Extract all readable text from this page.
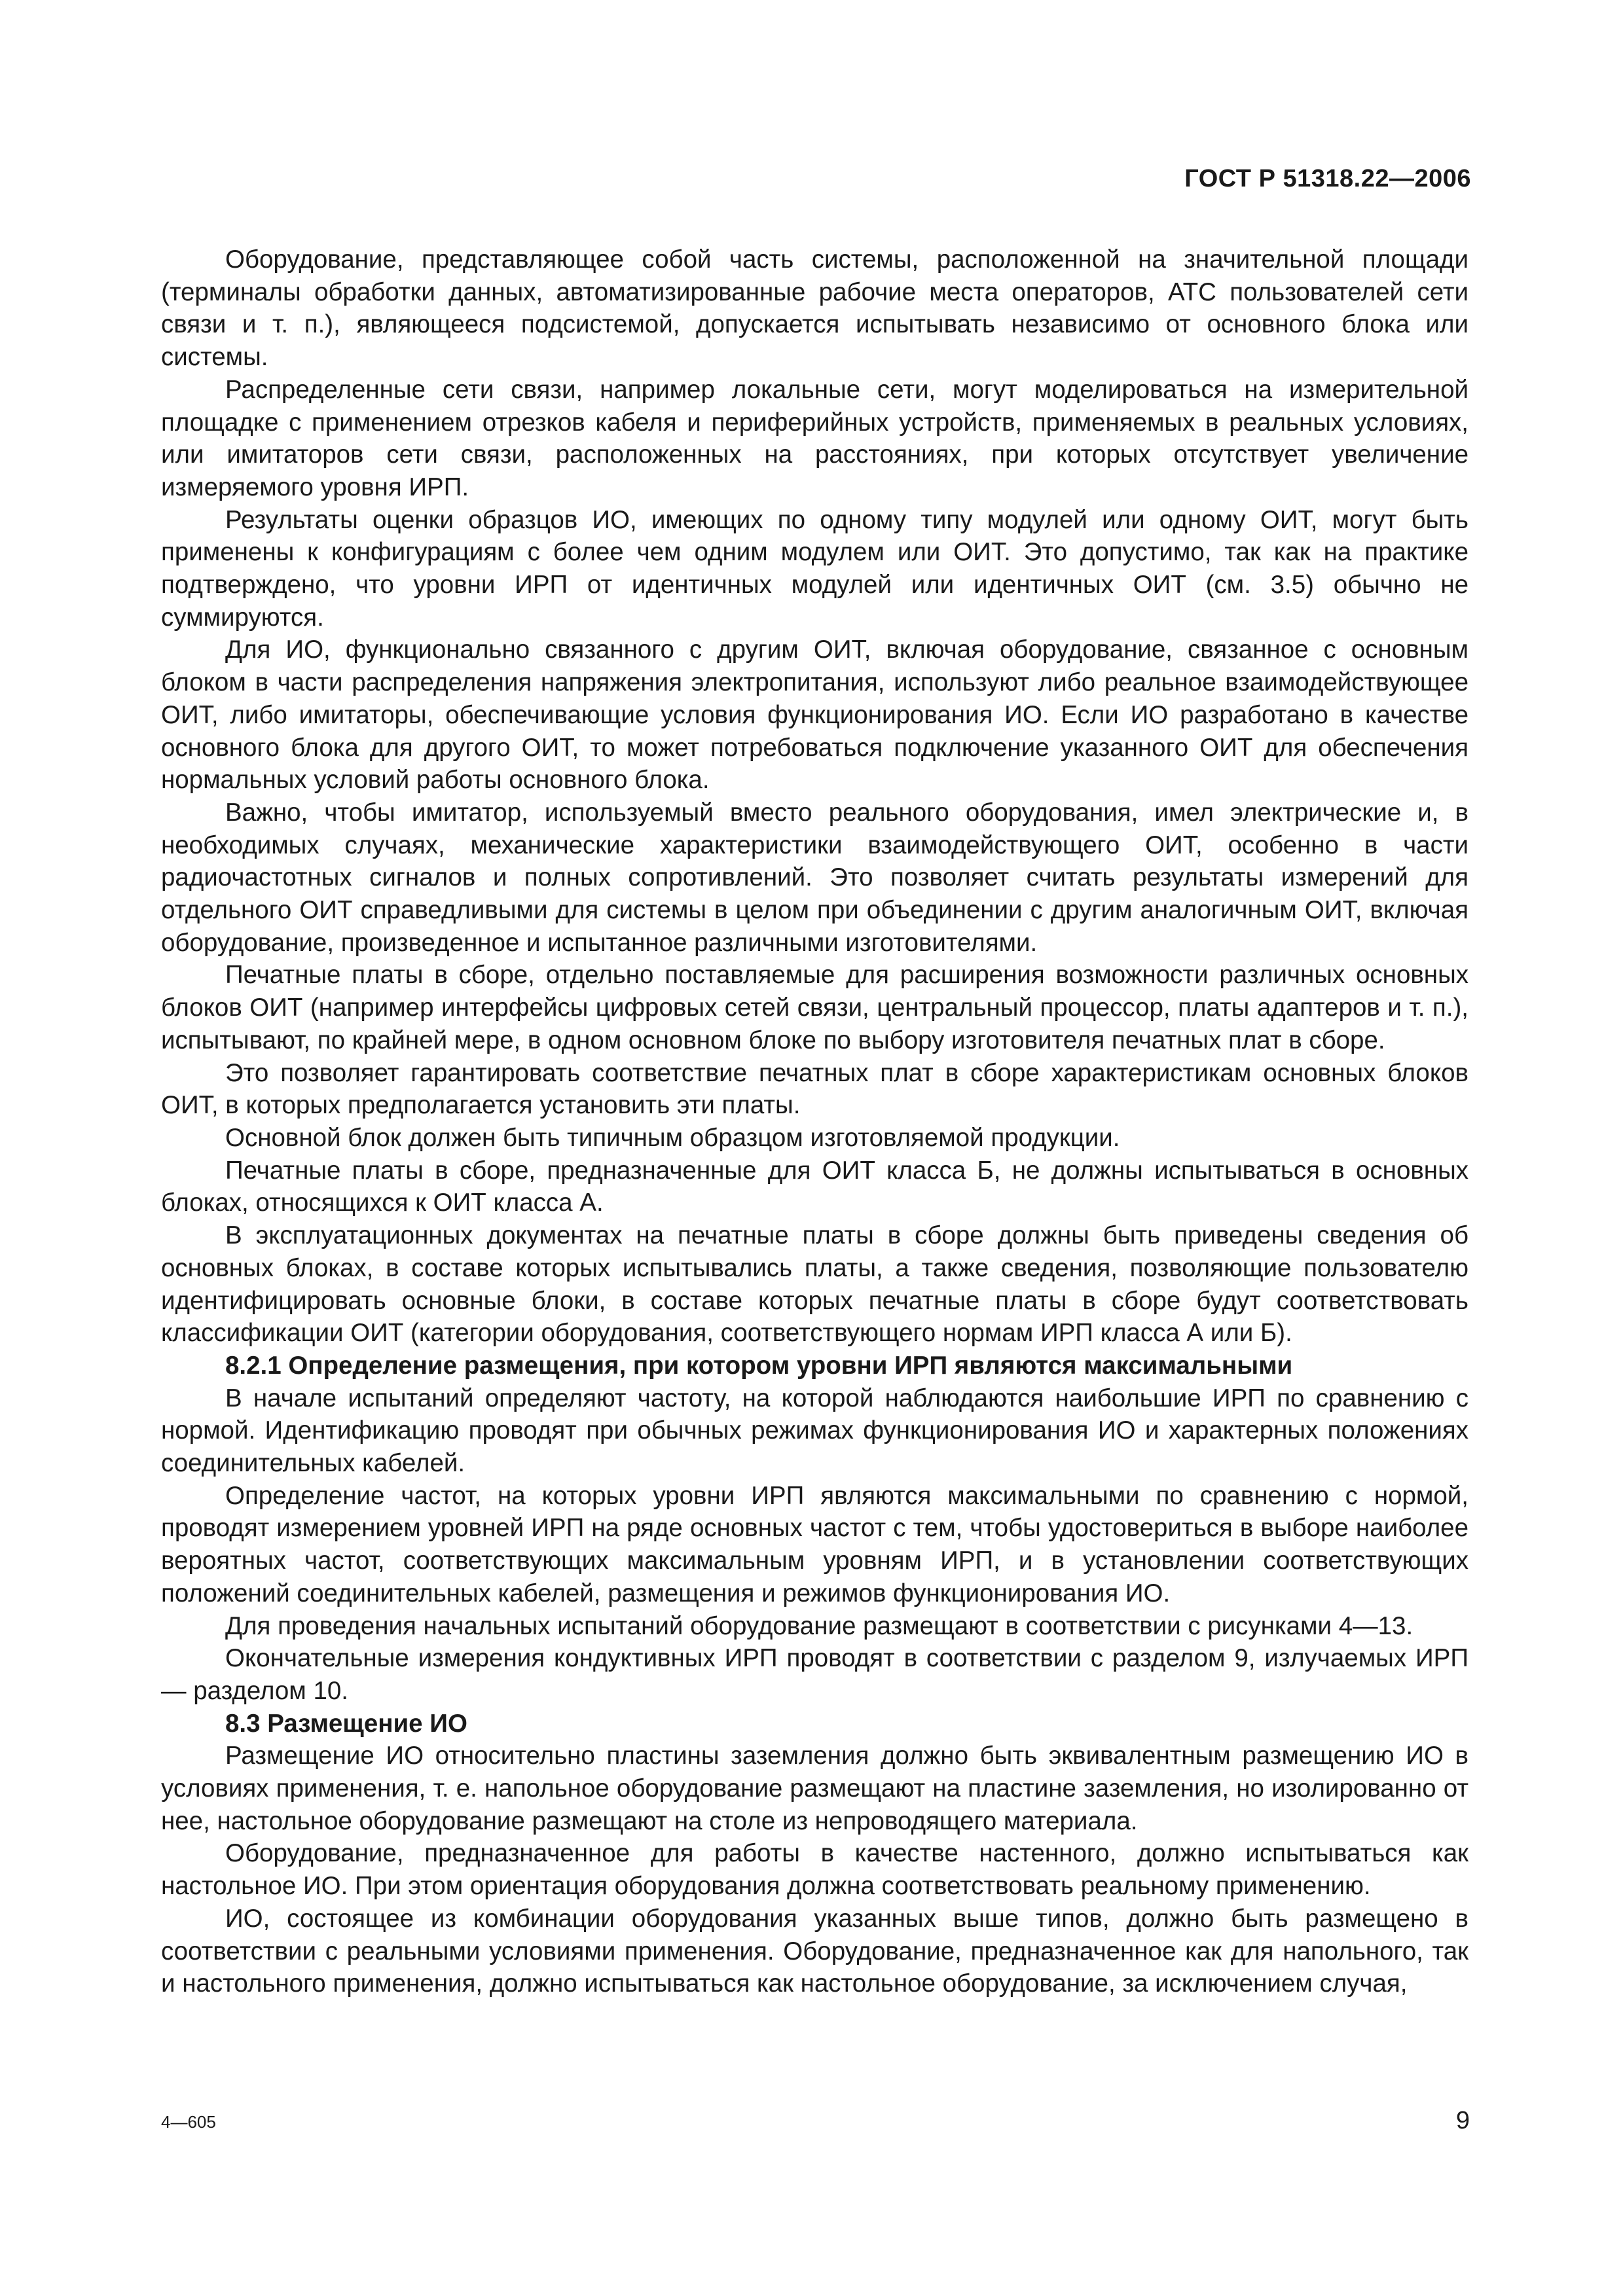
ГОСТ Р 51318.22—2006

Оборудование, представляющее собой часть системы, расположенной на значительной площади (терминалы обработки данных, автоматизированные рабочие места операторов, АТС пользователей сети связи и т. п.), являющееся подсистемой, допускается испытывать независимо от основного блока или системы.

Распределенные сети связи, например локальные сети, могут моделироваться на измерительной площадке с применением отрезков кабеля и периферийных устройств, применяемых в реальных условиях, или имитаторов сети связи, расположенных на расстояниях, при которых отсутствует увеличение измеряемого уровня ИРП.

Результаты оценки образцов ИО, имеющих по одному типу модулей или одному ОИТ, могут быть применены к конфигурациям с более чем одним модулем или ОИТ. Это допустимо, так как на практике подтверждено, что уровни ИРП от идентичных модулей или идентичных ОИТ (см. 3.5) обычно не суммируются.

Для ИО, функционально связанного с другим ОИТ, включая оборудование, связанное с основным блоком в части распределения напряжения электропитания, используют либо реальное взаимодействующее ОИТ, либо имитаторы, обеспечивающие условия функционирования ИО. Если ИО разработано в качестве основного блока для другого ОИТ, то может потребоваться подключение указанного ОИТ для обеспечения нормальных условий работы основного блока.

Важно, чтобы имитатор, используемый вместо реального оборудования, имел электрические и, в необходимых случаях, механические характеристики взаимодействующего ОИТ, особенно в части радиочастотных сигналов и полных сопротивлений. Это позволяет считать результаты измерений для отдельного ОИТ справедливыми для системы в целом при объединении с другим аналогичным ОИТ, включая оборудование, произведенное и испытанное различными изготовителями.

Печатные платы в сборе, отдельно поставляемые для расширения возможности различных основных блоков ОИТ (например интерфейсы цифровых сетей связи, центральный процессор, платы адаптеров и т. п.), испытывают, по крайней мере, в одном основном блоке по выбору изготовителя печатных плат в сборе.

Это позволяет гарантировать соответствие печатных плат в сборе характеристикам основных блоков ОИТ, в которых предполагается установить эти платы.

Основной блок должен быть типичным образцом изготовляемой продукции.

Печатные платы в сборе, предназначенные для ОИТ класса Б, не должны испытываться в основных блоках, относящихся к ОИТ класса А.

В эксплуатационных документах на печатные платы в сборе должны быть приведены сведения об основных блоках, в составе которых испытывались платы, а также сведения, позволяющие пользователю идентифицировать основные блоки, в составе которых печатные платы в сборе будут соответствовать классификации ОИТ (категории оборудования, соответствующего нормам ИРП класса А или Б).

8.2.1 Определение размещения, при котором уровни ИРП являются максимальными

В начале испытаний определяют частоту, на которой наблюдаются наибольшие ИРП по сравнению с нормой. Идентификацию проводят при обычных режимах функционирования ИО и характерных положениях соединительных кабелей.

Определение частот, на которых уровни ИРП являются максимальными по сравнению с нормой, проводят измерением уровней ИРП на ряде основных частот с тем, чтобы удостовериться в выборе наиболее вероятных частот, соответствующих максимальным уровням ИРП, и в установлении соответствующих положений соединительных кабелей, размещения и режимов функционирования ИО.

Для проведения начальных испытаний оборудование размещают в соответствии с рисунками 4—13.

Окончательные измерения кондуктивных ИРП проводят в соответствии с разделом 9, излучаемых ИРП — разделом 10.

8.3 Размещение ИО

Размещение ИО относительно пластины заземления должно быть эквивалентным размещению ИО в условиях применения, т. е. напольное оборудование размещают на пластине заземления, но изолированно от нее, настольное оборудование размещают на столе из непроводящего материала.

Оборудование, предназначенное для работы в качестве настенного, должно испытываться как настольное ИО. При этом ориентация оборудования должна соответствовать реальному применению.

ИО, состоящее из комбинации оборудования указанных выше типов, должно быть размещено в соответствии с реальными условиями применения. Оборудование, предназначенное как для напольного, так и настольного применения, должно испытываться как настольное оборудование, за исключением случая,

4—605	9
